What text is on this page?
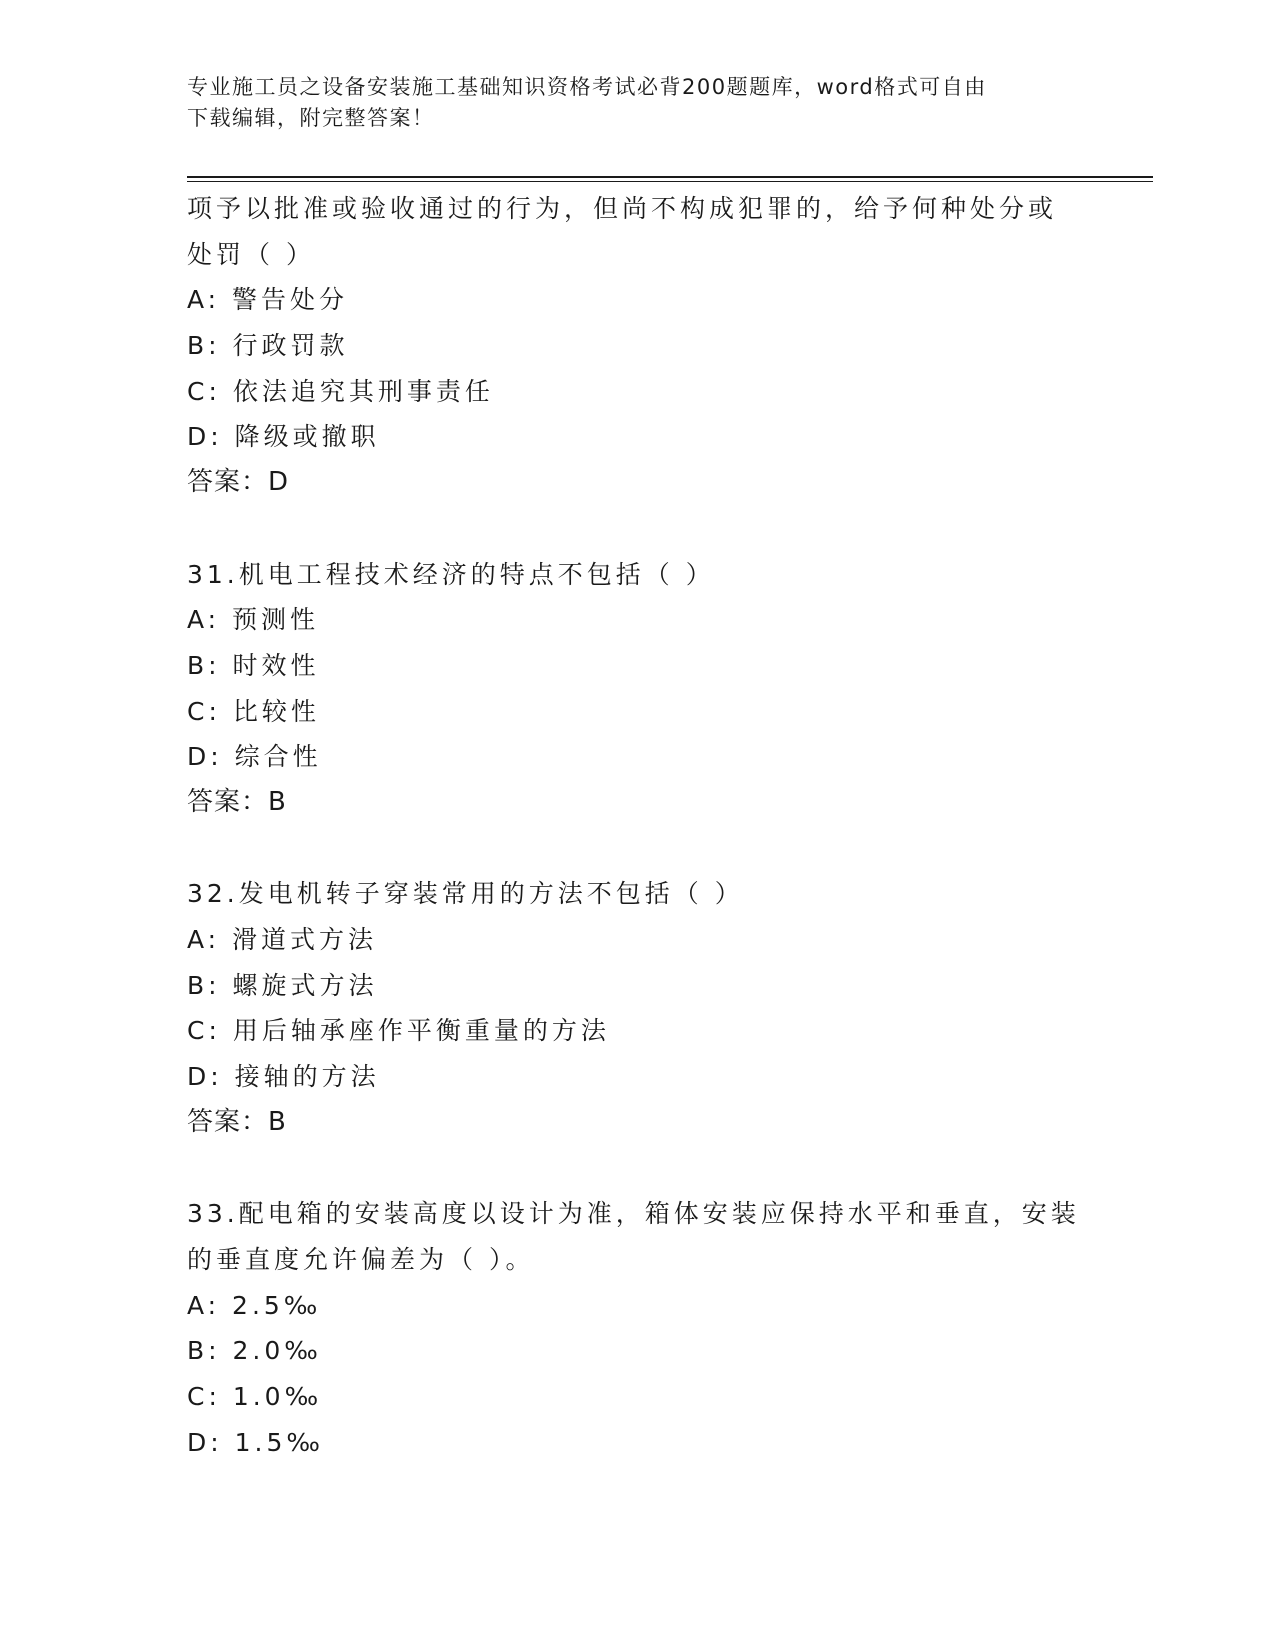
专业施工员之设备安装施工基础知识资格考试必背200题题库，word格式可自由
下载编辑，附完整答案！
项予以批准或验收通过的行为，但尚不构成犯罪的，给予何种处分或
处罚（ ）
A: 警告处分
B: 行政罚款
C: 依法追究其刑事责任
D: 降级或撤职
答案：D
31.机电工程技术经济的特点不包括（ ）
A: 预测性
B: 时效性
C: 比较性
D: 综合性
答案：B
32.发电机转子穿装常用的方法不包括（ ）
A: 滑道式方法
B: 螺旋式方法
C: 用后轴承座作平衡重量的方法
D: 接轴的方法
答案：B
33.配电箱的安装高度以设计为准，箱体安装应保持水平和垂直，安装
的垂直度允许偏差为（ ）。
A: 2.5‰
B: 2.0‰
C: 1.0‰
D: 1.5‰
